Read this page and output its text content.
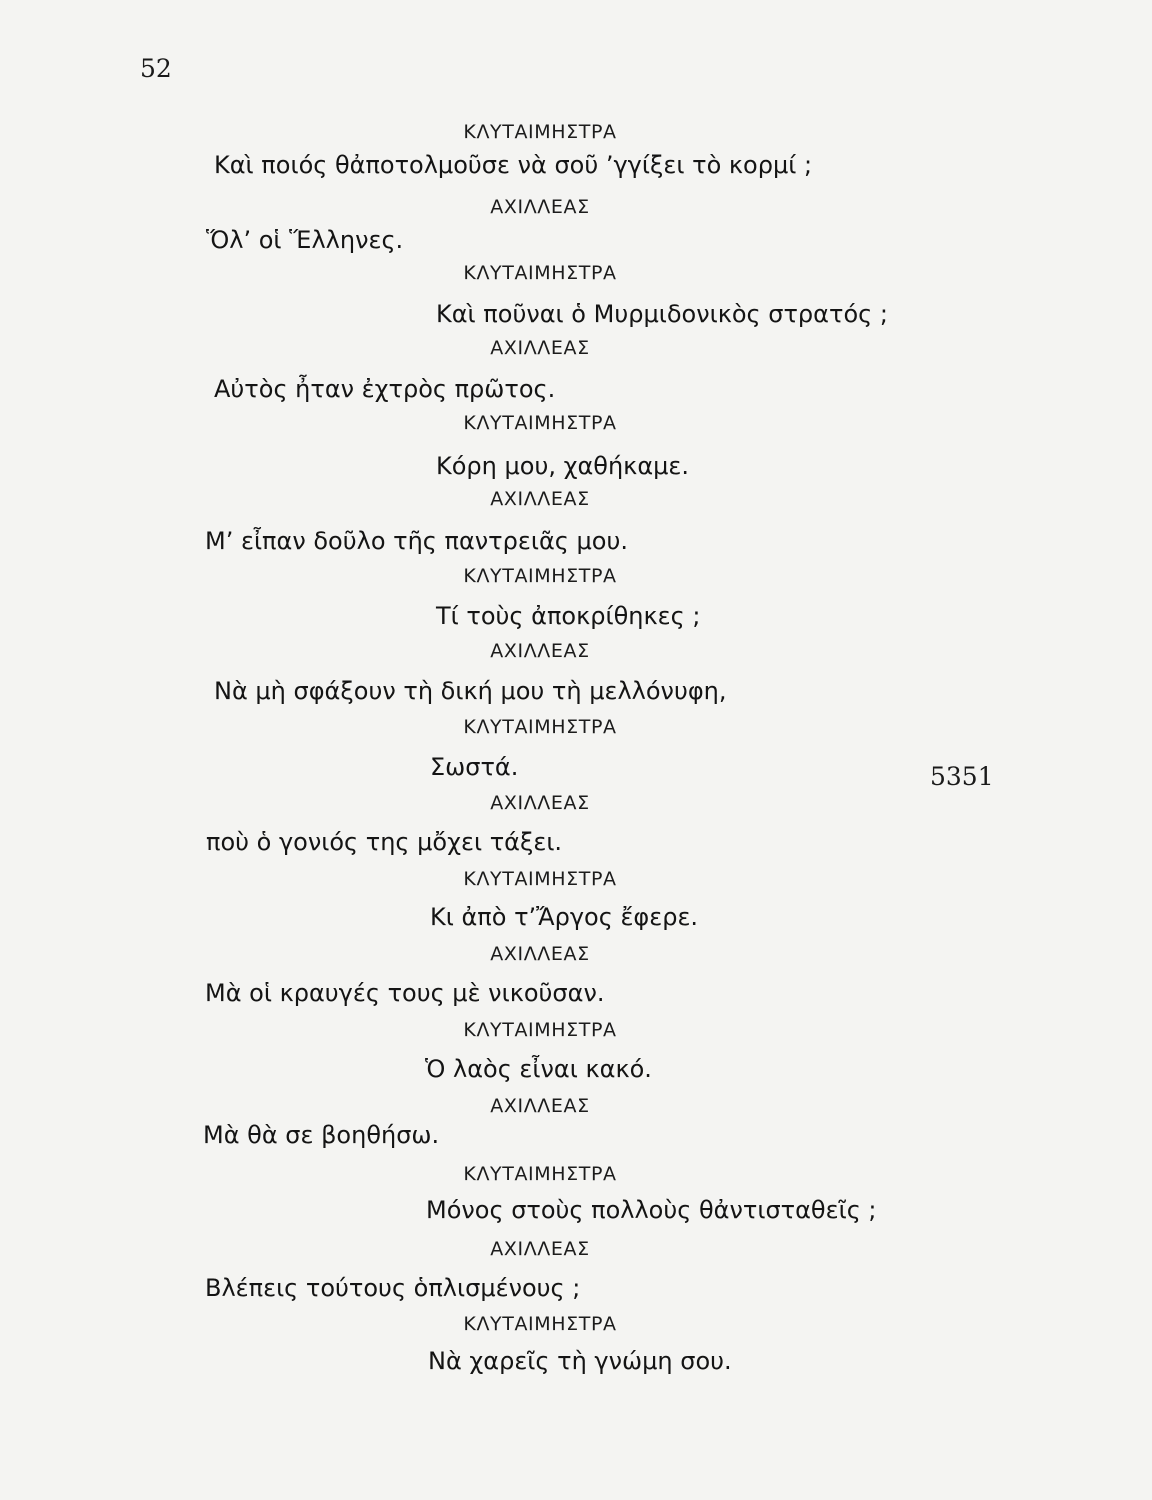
52
5351
ΚΛΥΤΑΙΜΗΣΤΡΑ
Καὶ ποιός θἀποτολμοῦσε νὰ σοῦ ’γγίξει τὸ κορμί ;
ΑΧΙΛΛΕΑΣ
Ὅλ’ οἱ Ἕλληνες.
ΚΛΥΤΑΙΜΗΣΤΡΑ
Καὶ ποῦναι ὁ Μυρμιδονικὸς στρατός ;
ΑΧΙΛΛΕΑΣ
Αὐτὸς ἦταν ἐχτρὸς πρῶτος.
ΚΛΥΤΑΙΜΗΣΤΡΑ
Κόρη μου, χαθήκαμε.
ΑΧΙΛΛΕΑΣ
Μ’ εἶπαν δοῦλο τῆς παντρειᾶς μου.
ΚΛΥΤΑΙΜΗΣΤΡΑ
Τί τοὺς ἀποκρίθηκες ;
ΑΧΙΛΛΕΑΣ
Νὰ μὴ σφάξουν τὴ δική μου τὴ μελλόνυφη,
ΚΛΥΤΑΙΜΗΣΤΡΑ
Σωστά.
ΑΧΙΛΛΕΑΣ
ποὺ ὁ γονιός της μὄχει τάξει.
ΚΛΥΤΑΙΜΗΣΤΡΑ
Κι ἀπὸ τ’Ἄργος ἔφερε.
ΑΧΙΛΛΕΑΣ
Μὰ οἱ κραυγές τους μὲ νικοῦσαν.
ΚΛΥΤΑΙΜΗΣΤΡΑ
Ὁ λαὸς εἶναι κακό.
ΑΧΙΛΛΕΑΣ
Μὰ θὰ σε βοηθήσω.
ΚΛΥΤΑΙΜΗΣΤΡΑ
Μόνος στοὺς πολλοὺς θἀντισταθεῖς ;
ΑΧΙΛΛΕΑΣ
Βλέπεις τούτους ὁπλισμένους ;
ΚΛΥΤΑΙΜΗΣΤΡΑ
Νὰ χαρεῖς τὴ γνώμη σου.
